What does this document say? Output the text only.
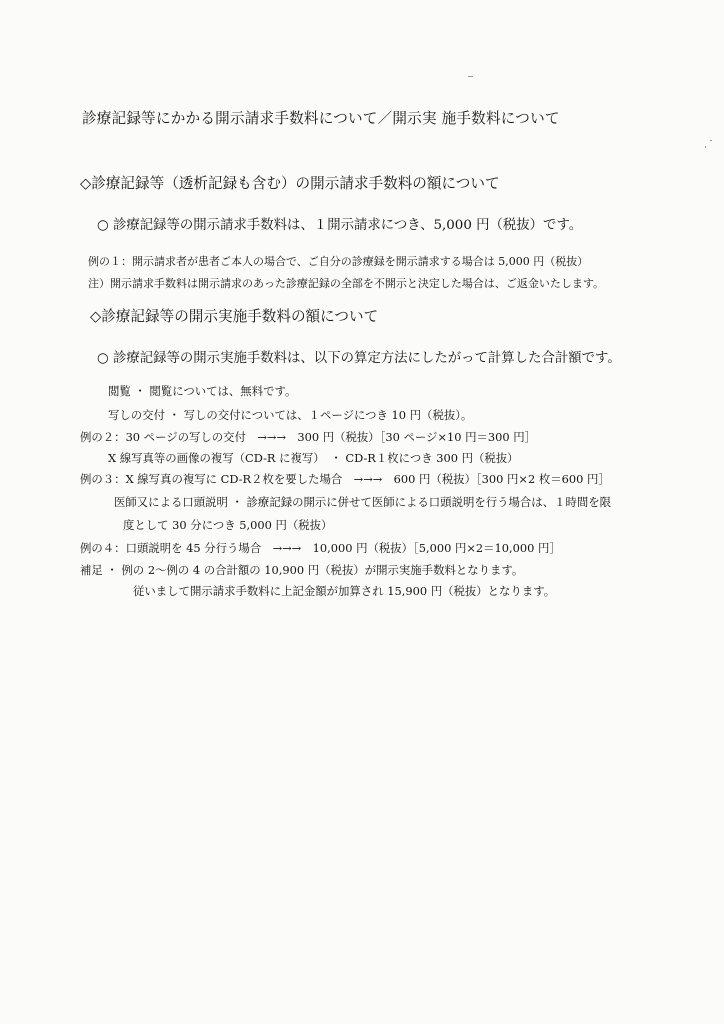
診療記録等にかかる開示請求手数料について／開示実 施手数料について
◇診療記録等（透析記録も含む）の開示請求手数料の額について
○ 診療記録等の開示請求手数料は、１開示請求につき、5,000 円（税抜）です。
例の１：開示請求者が患者ご本人の場合で、ご自分の診療録を開示請求する場合は 5,000 円（税抜）
注）開示請求手数料は開示請求のあった診療記録の全部を不開示と決定した場合は、ご返金いたします。
◇診療記録等の開示実施手数料の額について
○ 診療記録等の開示実施手数料は、以下の算定方法にしたがって計算した合計額です。
閲覧 ・ 閲覧については、無料です。
写しの交付 ・ 写しの交付については、１ページにつき 10 円（税抜）。
例の２：30 ページの写しの交付　→→→　300 円（税抜）［30 ページ×10 円＝300 円］
X 線写真等の画像の複写（CD-R に複写）　・ CD-R１枚につき 300 円（税抜）
例の３：X 線写真の複写に CD-R２枚を要した場合　→→→　600 円（税抜）［300 円×2 枚＝600 円］
医師又による口頭説明 ・ 診療記録の開示に併せて医師による口頭説明を行う場合は、１時間を限
度として 30 分につき 5,000 円（税抜）
例の４：口頭説明を 45 分行う場合　→→→　10,000 円（税抜）［5,000 円×2＝10,000 円］
補足 ・ 例の 2〜例の 4 の合計額の 10,900 円（税抜）が開示実施手数料となります。
従いまして開示請求手数料に上記金額が加算され 15,900 円（税抜）となります。
